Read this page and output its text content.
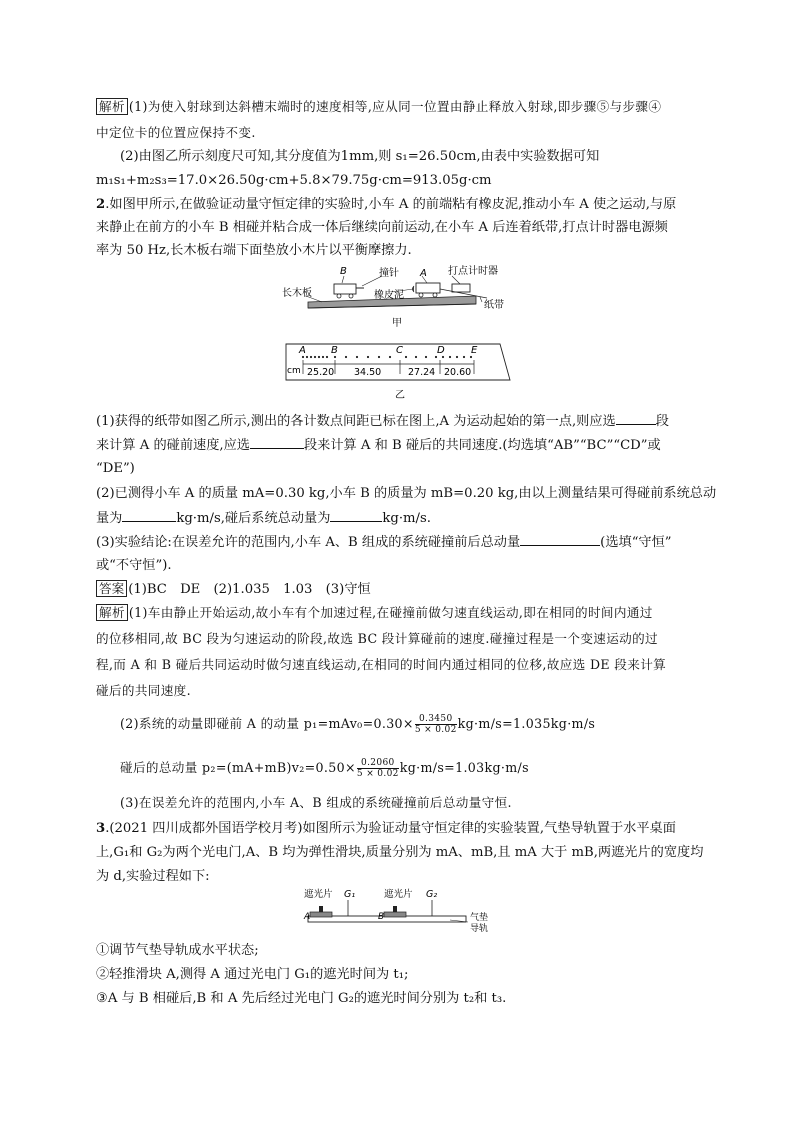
解析 (1)为使入射球到达斜槽末端时的速度相等,应从同一位置由静止释放入射球,即步骤⑤与步骤④
中定位卡的位置应保持不变.
(2)由图乙所示刻度尺可知,其分度值为1mm,则 s₁=26.50cm,由表中实验数据可知
m₁s₁+m₂s₃=17.0×26.50g·cm+5.8×79.75g·cm=913.05g·cm
2.如图甲所示,在做验证动量守恒定律的实验时,小车 A 的前端粘有橡皮泥,推动小车 A 使之运动,与原
来静止在前方的小车 B 相碰并粘合成一体后继续向前运动,在小车 A 后连着纸带,打点计时器电源频
率为 50 Hz,长木板右端下面垫放小木片以平衡摩擦力.
B	撞针 A 打点计时器
长木板	橡皮泥
纸带
甲
A	B	C	D	E
cm 25.20 34.50	27.24 20.60
乙
(1)获得的纸带如图乙所示,测出的各计数点间距已标在图上,A 为运动起始的第一点,则应选	段
来计算 A 的碰前速度,应选	段来计算 A 和 B 碰后的共同速度.(均选填“AB”“BC”“CD”或
“DE”)
(2)已测得小车 A 的质量 mA=0.30 kg,小车 B 的质量为 mB=0.20 kg,由以上测量结果可得碰前系统总动
量为	kg·m/s,碰后系统总动量为	kg·m/s.
(3)实验结论:在误差允许的范围内,小车 A、B 组成的系统碰撞前后总动量	(选填“守恒”
或“不守恒”).
答案 (1)BC　DE　(2)1.035　1.03　(3)守恒
解析 (1)车由静止开始运动,故小车有个加速过程,在碰撞前做匀速直线运动,即在相同的时间内通过
的位移相同,故 BC 段为匀速运动的阶段,故选 BC 段计算碰前的速度.碰撞过程是一个变速运动的过
程,而 A 和 B 碰后共同运动时做匀速直线运动,在相同的时间内通过相同的位移,故应选 DE 段来计算
碰后的共同速度.
(2)系统的动量即碰前 A 的动量 $p_1=mAv_0=0.30\times \frac{0.3450}{5 \times 0.02} kg\cdot m/s=1.035kg\cdot m/s$
碰后的总动量 $p_2=(mA+mB)v_2=0.50\times \frac{0.2060}{5 \times 0.02} kg\cdot m/s=1.03kg\cdot m/s$
(3)在误差允许的范围内,小车 A、B 组成的系统碰撞前后总动量守恒.
3.(2021 四川成都外国语学校月考)如图所示为验证动量守恒定律的实验装置,气垫导轨置于水平桌面
上,G₁和 G₂为两个光电门,A、B 均为弹性滑块,质量分别为 mA、mB,且 mA 大于 mB,两遮光片的宽度均
为 d,实验过程如下:
遮光片 G₁	遮光片 G₂
A	B	气垫
导轨
①调节气垫导轨成水平状态;
②轻推滑块 A,测得 A 通过光电门 G₁的遮光时间为 t₁;
③A 与 B 相碰后,B 和 A 先后经过光电门 G₂的遮光时间分别为 t₂和 t₃.
